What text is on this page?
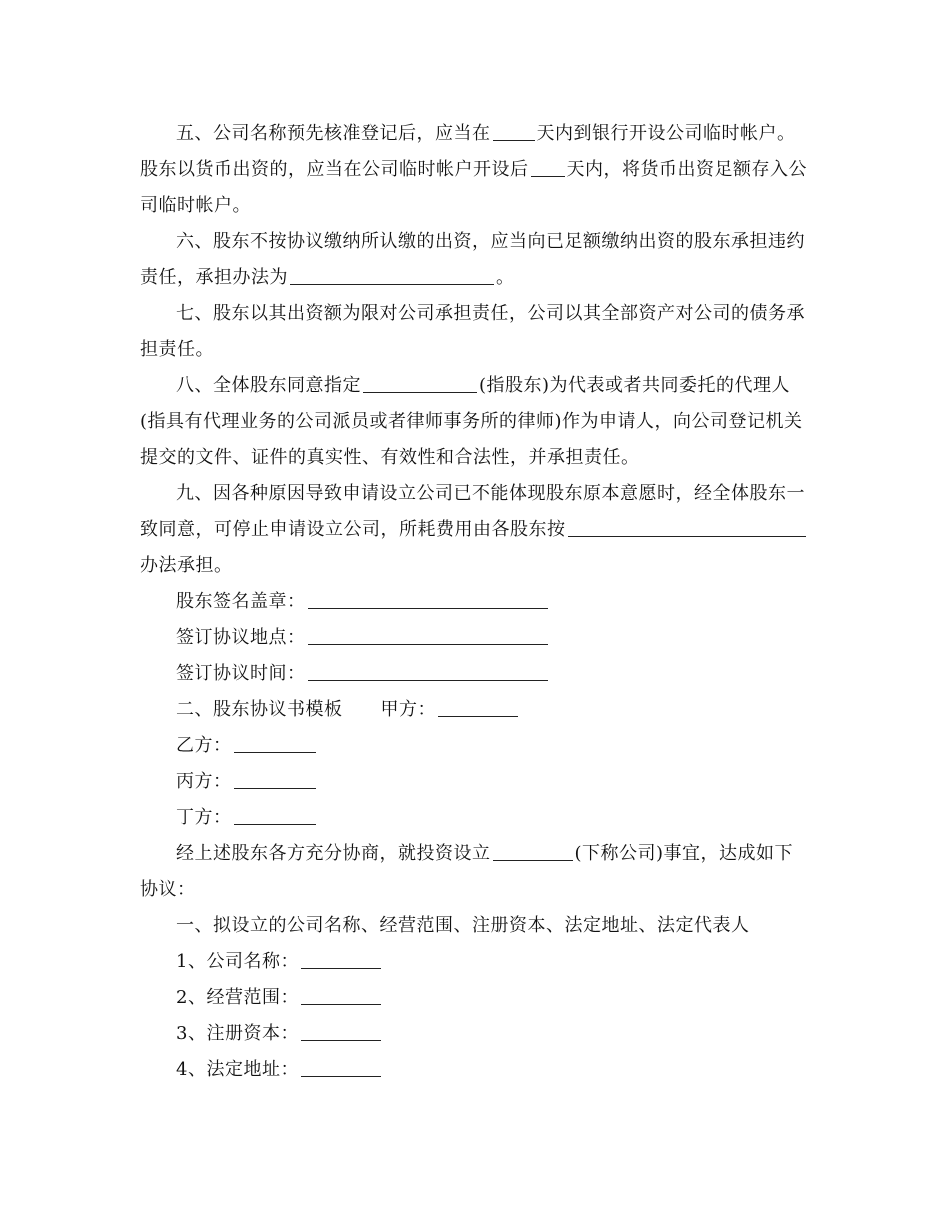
五、公司名称预先核准登记后，应当在	天内到银行开设公司临时帐户。
股东以货币出资的，应当在公司临时帐户开设后 天内，将货币出资足额存入公
司临时帐户。
六、股东不按协议缴纳所认缴的出资，应当向已足额缴纳出资的股东承担违约
责任，承担办法为	。
七、股东以其出资额为限对公司承担责任，公司以其全部资产对公司的债务承
担责任。
八、全体股东同意指定	(指股东)为代表或者共同委托的代理人
(指具有代理业务的公司派员或者律师事务所的律师)作为申请人，向公司登记机关
提交的文件、证件的真实性、有效性和合法性，并承担责任。
九、因各种原因导致申请设立公司已不能体现股东原本意愿时，经全体股东一
致同意，可停止申请设立公司，所耗费用由各股东按
办法承担。
股东签名盖章：
签订协议地点：
签订协议时间：
二、股东协议书模板 甲方：
乙方：
丙方：
丁方：
经上述股东各方充分协商，就投资设立	(下称公司)事宜，达成如下
协议：
一、拟设立的公司名称、经营范围、注册资本、法定地址、法定代表人
1、公司名称：
2、经营范围：
3、注册资本：
4、法定地址：
